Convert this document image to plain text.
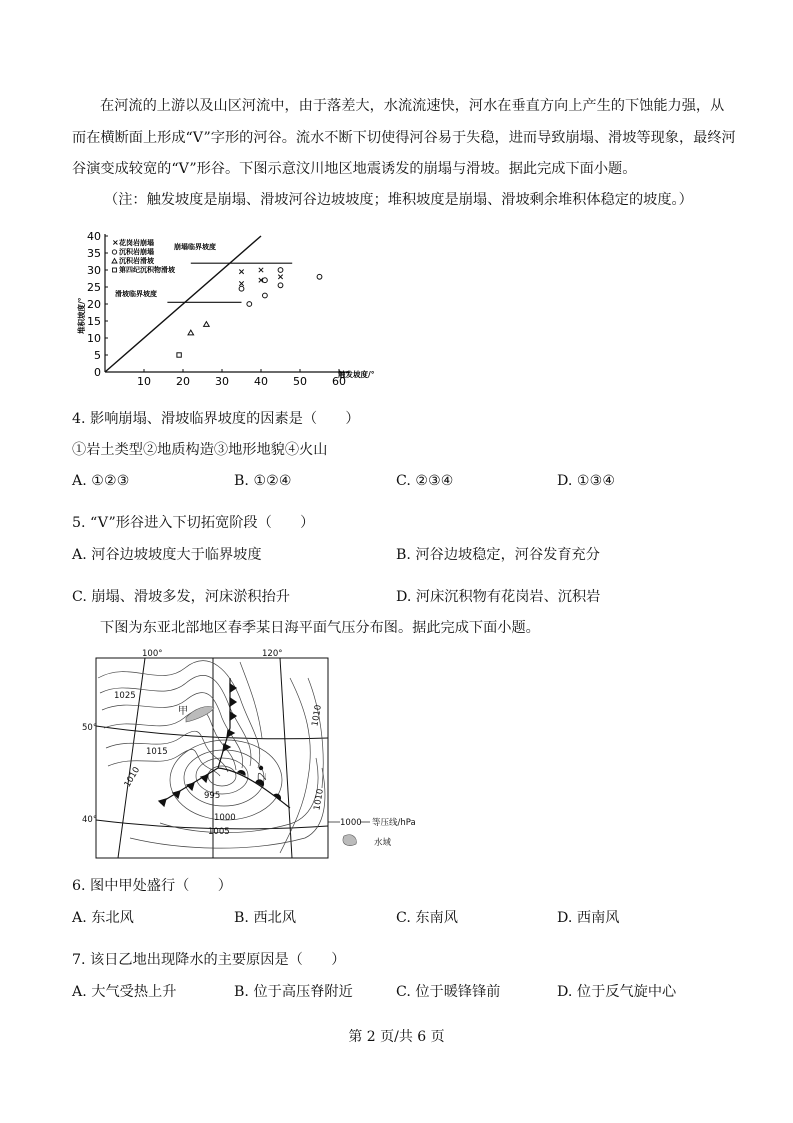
在河流的上游以及山区河流中，由于落差大，水流流速快，河水在垂直方向上产生的下蚀能力强，从
而在横断面上形成“V”字形的河谷。流水不断下切使得河谷易于失稳，进而导致崩塌、滑坡等现象，最终河
谷演变成较宽的“V”形谷。下图示意汶川地区地震诱发的崩塌与滑坡。据此完成下面小题。
（注：触发坡度是崩塌、滑坡河谷边坡坡度；堆积坡度是崩塌、滑坡剩余堆积体稳定的坡度。）
10 20 30 40 50 60
0
5
10
15
20
25
30
35
40
触发坡度/°
堆积坡度/°
× 花岗岩崩塌
沉积岩崩塌
沉积岩滑坡
第四纪沉积物滑坡
崩塌临界坡度
滑坡临界坡度
4. 影响崩塌、滑坡临界坡度的因素是（　　）
①岩土类型②地质构造③地形地貌④火山
A. ①②③	B. ①②④	C. ②③④	D. ①③④
5. “V”形谷进入下切拓宽阶段（　　）
A. 河谷边坡坡度大于临界坡度	B. 河谷边坡稳定，河谷发育充分
C. 崩塌、滑坡多发，河床淤积抬升	D. 河床沉积物有花岗岩、沉积岩
下图为东亚北部地区春季某日海平面气压分布图。据此完成下面小题。
100°	120°
50°
40°
1025
1015
1010
995
1000
1005
1010
1010
甲
乙
1000 等压线/hPa
水域
6. 图中甲处盛行（　　）
A. 东北风	B. 西北风	C. 东南风	D. 西南风
7. 该日乙地出现降水的主要原因是（　　）
A. 大气受热上升	B. 位于高压脊附近	C. 位于暖锋锋前	D. 位于反气旋中心
第 2 页/共 6 页
